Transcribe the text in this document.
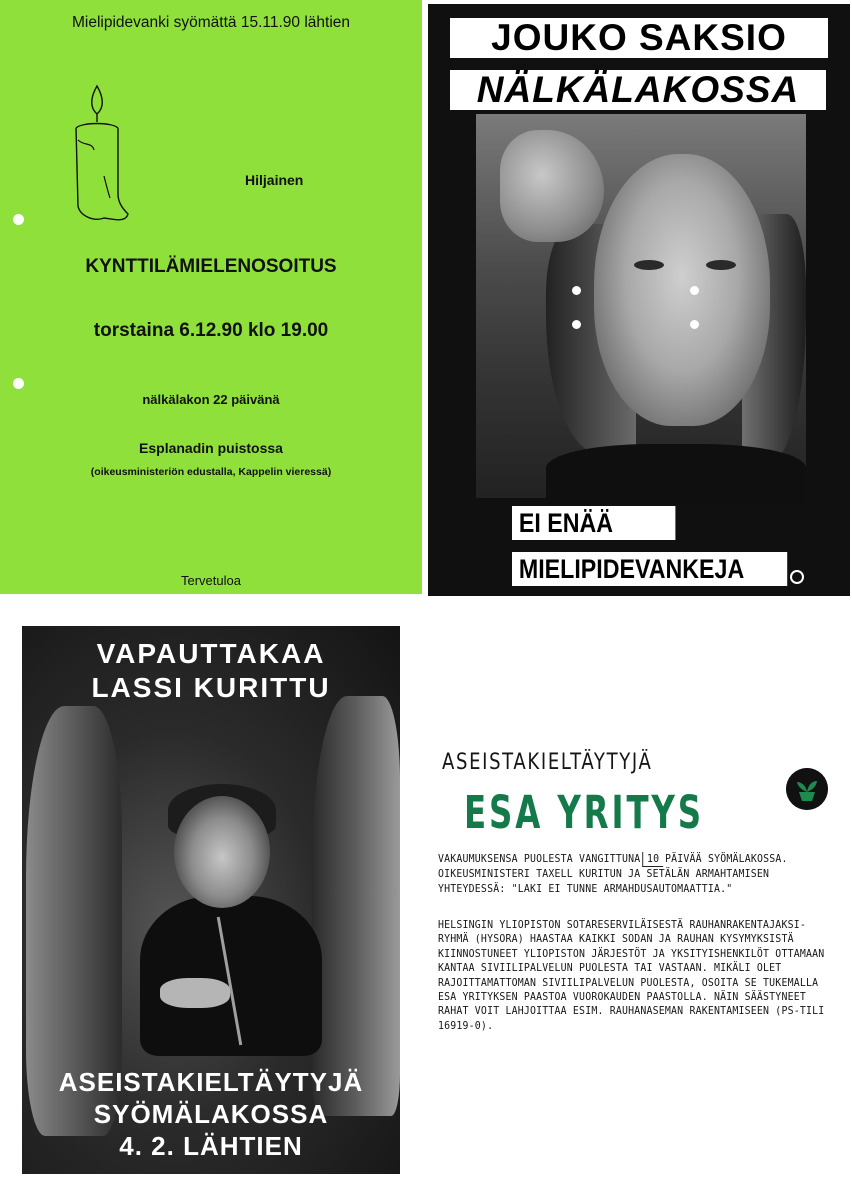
Mielipidevanki syömättä 15.11.90 lähtien
Hiljainen
KYNTTILÄMIELENOSOITUS
torstaina 6.12.90 klo 19.00
nälkälakon 22 päivänä
Esplanadin puistossa
(oikeusministeriön edustalla, Kappelin vieressä)
Tervetuloa
JOUKO SAKSIO
NÄLKÄLAKOSSA
EI ENÄÄ
MIELIPIDEVANKEJA
VAPAUTTAKAA
LASSI KURITTU
ASEISTAKIELTÄYTYJÄ
SYÖMÄLAKOSSA
4. 2. LÄHTIEN
ASEISTAKIELTÄYTYJÄ
ESA YRITYS
VAKAUMUKSENSA PUOLESTA VANGITTUNA 10 PÄIVÄÄ SYÖMÄLAKOSSA. OIKEUSMINISTERI TAXELL KURITUN JA SETÄLÄN ARMAHTAMISEN YHTEYDESSÄ: "LAKI EI TUNNE ARMAHDUSAUTOMAATTIA."
HELSINGIN YLIOPISTON SOTARESERVILÄISESTÄ RAUHANRAKENTAJAKSI-RYHMÄ (HYSORA) HAASTAA KAIKKI SODAN JA RAUHAN KYSYMYKSISTÄ KIINNOSTUNEET YLIOPISTON JÄRJESTÖT JA YKSITYISHENKILÖT OTTAMAAN KANTAA SIVIILIPALVELUN PUOLESTA TAI VASTAAN. MIKÄLI OLET RAJOITTAMATTOMAN SIVIILIPALVELUN PUOLESTA, OSOITA SE TUKEMALLA ESA YRITYKSEN PAASTOA VUOROKAUDEN PAASTOLLA. NÄIN SÄÄSTYNEET RAHAT VOIT LAHJOITTAA ESIM. RAUHANASEMAN RAKENTAMISEEN (PS-TILI 16919-0).
